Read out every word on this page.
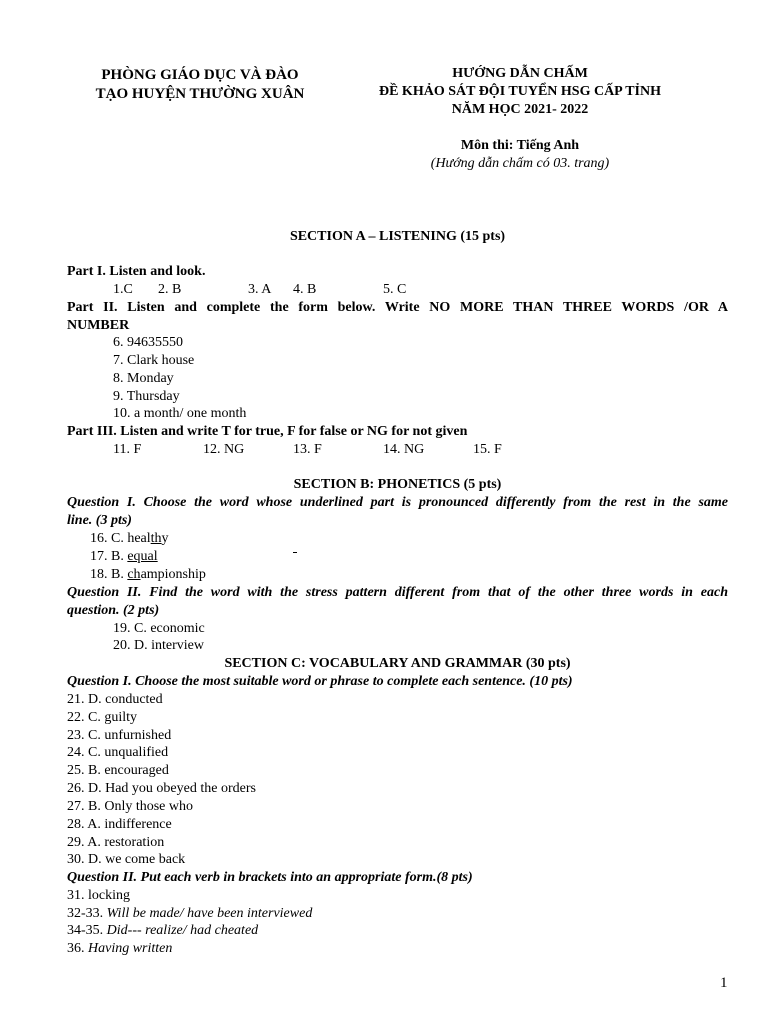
PHÒNG GIÁO DỤC VÀ ĐÀO
TẠO HUYỆN THƯỜNG XUÂN
HƯỚNG DẪN CHẤM
ĐỀ KHẢO SÁT ĐỘI TUYỂN HSG CẤP TỈNH
NĂM HỌC 2021- 2022
Môn thi: Tiếng Anh
(Hướng dẫn chấm có 03. trang)
SECTION A – LISTENING (15 pts)
Part I. Listen and look.
1.C 2. B	3. A 4. B	5. C
Part II. Listen and complete the form below. Write NO MORE THAN THREE WORDS /OR A
NUMBER
6. 94635550
7. Clark house
8. Monday
9. Thursday
10. a month/ one month
Part III. Listen and write T for true, F for false or NG for not given
11. F	12. NG	13. F	14. NG	15. F
SECTION B: PHONETICS (5 pts)
Question I. Choose the word whose underlined part is pronounced differently from the rest in the same
line. (3 pts)
16. C. healthy
17. B. equal
18. B. championship
Question II. Find the word with the stress pattern different from that of the other three words in each
question. (2 pts)
19. C. economic
20. D. interview
SECTION C: VOCABULARY AND GRAMMAR (30 pts)
Question I. Choose the most suitable word or phrase to complete each sentence. (10 pts)
21. D. conducted
22. C. guilty
23. C. unfurnished
24. C. unqualified
25. B. encouraged
26. D. Had you obeyed the orders
27. B. Only those who
28. A. indifference
29. A. restoration
30. D. we come back
Question II. Put each verb in brackets into an appropriate form.(8 pts)
31. locking
32-33. Will be made/ have been interviewed
34-35. Did--- realize/ had cheated
36. Having written
1
